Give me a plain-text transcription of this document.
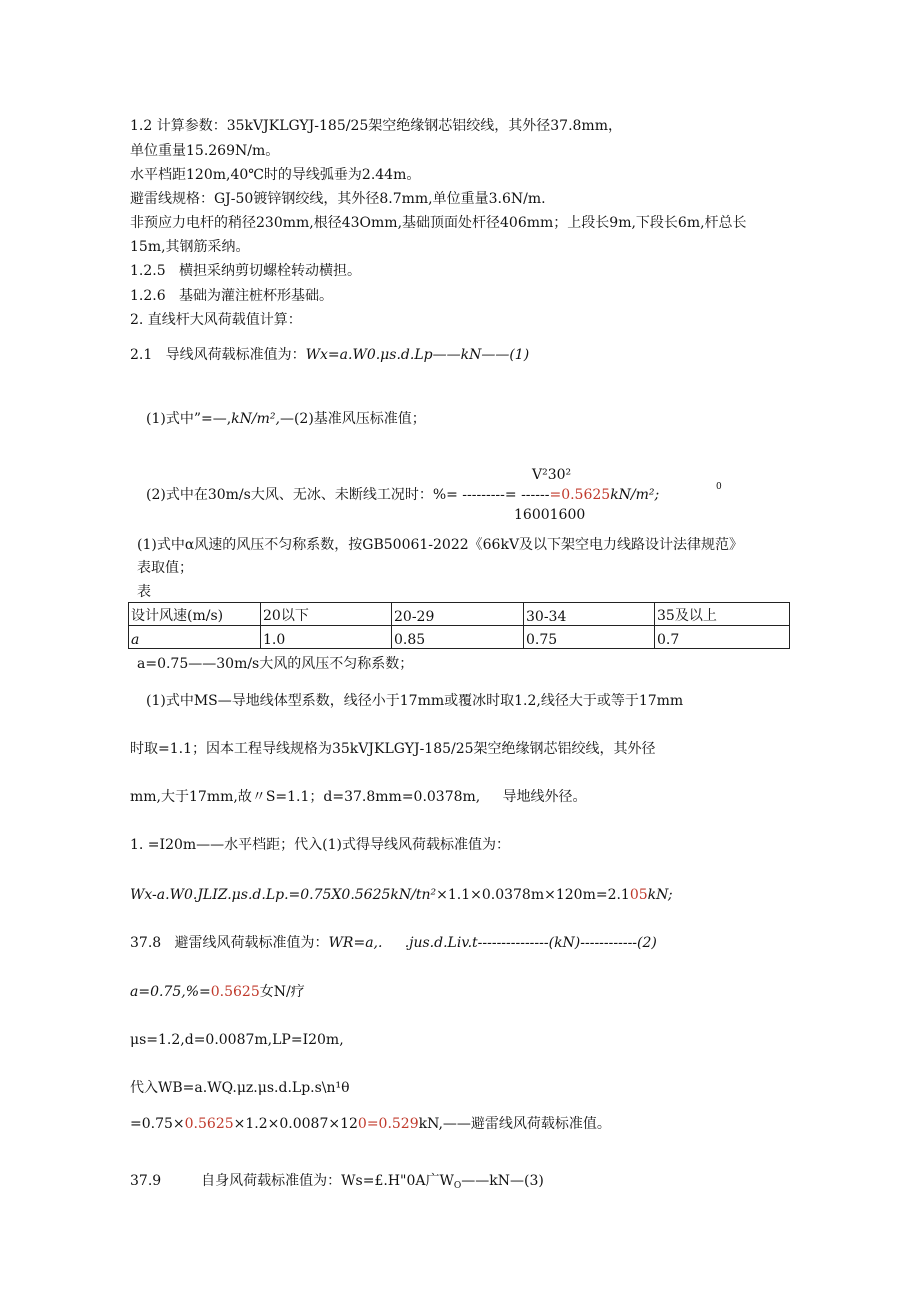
1.2 计算参数：35kVJKLGYJ-185/25架空绝缘钢芯铝绞线，其外径37.8mm，
单位重量15.269N/m。
水平档距120m,40℃时的导线弧垂为2.44m。
避雷线规格：GJ-50镀锌钢绞线，其外径8.7mm,单位重量3.6N/m.
非预应力电杆的稍径230mm,根径43Omm,基础顶面处杆径406mm；上段长9m,下段长6m,杆总长
15m,其钢筋采纳。
1.2.5   横担采纳剪切螺栓转动横担。
1.2.6   基础为灌注桩杯形基础。
2. 直线杆大风荷载值计算：
2.1   导线风荷载标准值为：Wx=a.W0.μs.d.Lp——kN——(1)
(1)式中”=—,kN/m²,—(2)基准风压标准值；
V²30²
0
(2)式中在30m/s大风、无冰、未断线工况时：%= ---------= ------=0.5625kN/m²;
16001600
(1)式中α风速的风压不匀称系数，按GB50061-2022《66kV及以下架空电力线路设计法律规范》
表取值；
表
设计风速(m/s)	20以下	20-29	30-34	35及以上
a	1.0	0.85	0.75	0.7
a=0.75——30m/s大风的风压不匀称系数；
(1)式中MS—导地线体型系数，线径小于17mm或覆冰时取1.2,线径大于或等于17mm
时取=1.1；因本工程导线规格为35kVJKLGYJ-185/25架空绝缘钢芯铝绞线，其外径
mm,大于17mm,故〃S=1.1；d=37.8mm=0.0378m,     导地线外径。
1. =I20m——水平档距；代入(1)式得导线风荷载标准值为：
Wx-a.W0.JLIZ.μs.d.Lp.=0.75X0.5625kN/tn²×1.1×0.0378m×120m=2.105kN;
37.8 避雷线风荷载标准值为：WR=a,.     .jus.d.Liv.t---------------(kN)------------(2)
a=0.75,%=0.5625女N/疗
μs=1.2,d=0.0087m,LP=I20m,
代入WB=a.WQ.μz.μs.d.Lp.s\n¹θ
=0.75×0.5625×1.2×0.0087×120=0.529kN,——避雷线风荷载标准值。
37.9	自身风荷载标准值为：Ws=£.H"0A广$W_O——kN—(3)$
